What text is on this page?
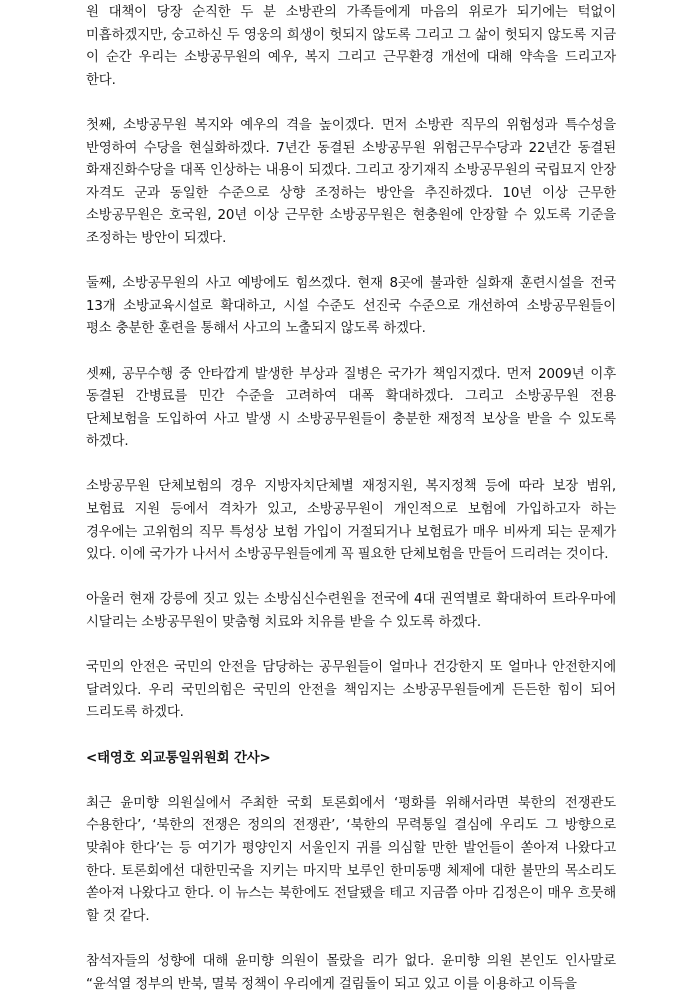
원 대책이 당장 순직한 두 분 소방관의 가족들에게 마음의 위로가 되기에는 턱없이 미흡하겠지만, 숭고하신 두 영웅의 희생이 헛되지 않도록 그리고 그 삶이 헛되지 않도록 지금 이 순간 우리는 소방공무원의 예우, 복지 그리고 근무환경 개선에 대해 약속을 드리고자 한다.

첫째, 소방공무원 복지와 예우의 격을 높이겠다. 먼저 소방관 직무의 위험성과 특수성을 반영하여 수당을 현실화하겠다. 7년간 동결된 소방공무원 위험근무수당과 22년간 동결된 화재진화수당을 대폭 인상하는 내용이 되겠다. 그리고 장기재직 소방공무원의 국립묘지 안장 자격도 군과 동일한 수준으로 상향 조정하는 방안을 추진하겠다. 10년 이상 근무한 소방공무원은 호국원, 20년 이상 근무한 소방공무원은 현충원에 안장할 수 있도록 기준을 조정하는 방안이 되겠다.

둘째, 소방공무원의 사고 예방에도 힘쓰겠다. 현재 8곳에 불과한 실화재 훈련시설을 전국 13개 소방교육시설로 확대하고, 시설 수준도 선진국 수준으로 개선하여 소방공무원들이 평소 충분한 훈련을 통해서 사고의 노출되지 않도록 하겠다.

셋째, 공무수행 중 안타깝게 발생한 부상과 질병은 국가가 책임지겠다. 먼저 2009년 이후 동결된 간병료를 민간 수준을 고려하여 대폭 확대하겠다. 그리고 소방공무원 전용 단체보험을 도입하여 사고 발생 시 소방공무원들이 충분한 재정적 보상을 받을 수 있도록 하겠다.

소방공무원 단체보험의 경우 지방자치단체별 재정지원, 복지정책 등에 따라 보장 범위, 보험료 지원 등에서 격차가 있고, 소방공무원이 개인적으로 보험에 가입하고자 하는 경우에는 고위험의 직무 특성상 보험 가입이 거절되거나 보험료가 매우 비싸게 되는 문제가 있다. 이에 국가가 나서서 소방공무원들에게 꼭 필요한 단체보험을 만들어 드리려는 것이다.

아울러 현재 강릉에 짓고 있는 소방심신수련원을 전국에 4대 권역별로 확대하여 트라우마에 시달리는 소방공무원이 맞춤형 치료와 치유를 받을 수 있도록 하겠다.

국민의 안전은 국민의 안전을 담당하는 공무원들이 얼마나 건강한지 또 얼마나 안전한지에 달려있다. 우리 국민의힘은 국민의 안전을 책임지는 소방공무원들에게 든든한 힘이 되어 드리도록 하겠다.

<태영호 외교통일위원회 간사>

최근 윤미향 의원실에서 주최한 국회 토론회에서 ‘평화를 위해서라면 북한의 전쟁관도 수용한다’, ‘북한의 전쟁은 정의의 전쟁관’, ‘북한의 무력통일 결심에 우리도 그 방향으로 맞춰야 한다’는 등 여기가 평양인지 서울인지 귀를 의심할 만한 발언들이 쏟아져 나왔다고 한다. 토론회에선 대한민국을 지키는 마지막 보루인 한미동맹 체제에 대한 불만의 목소리도 쏟아져 나왔다고 한다. 이 뉴스는 북한에도 전달됐을 테고 지금쯤 아마 김정은이 매우 흐뭇해 할 것 같다.

참석자들의 성향에 대해 윤미향 의원이 몰랐을 리가 없다. 윤미향 의원 본인도 인사말로 “윤석열 정부의 반북, 멸북 정책이 우리에게 걸림돌이 되고 있고 이를 이용하고 이득을
